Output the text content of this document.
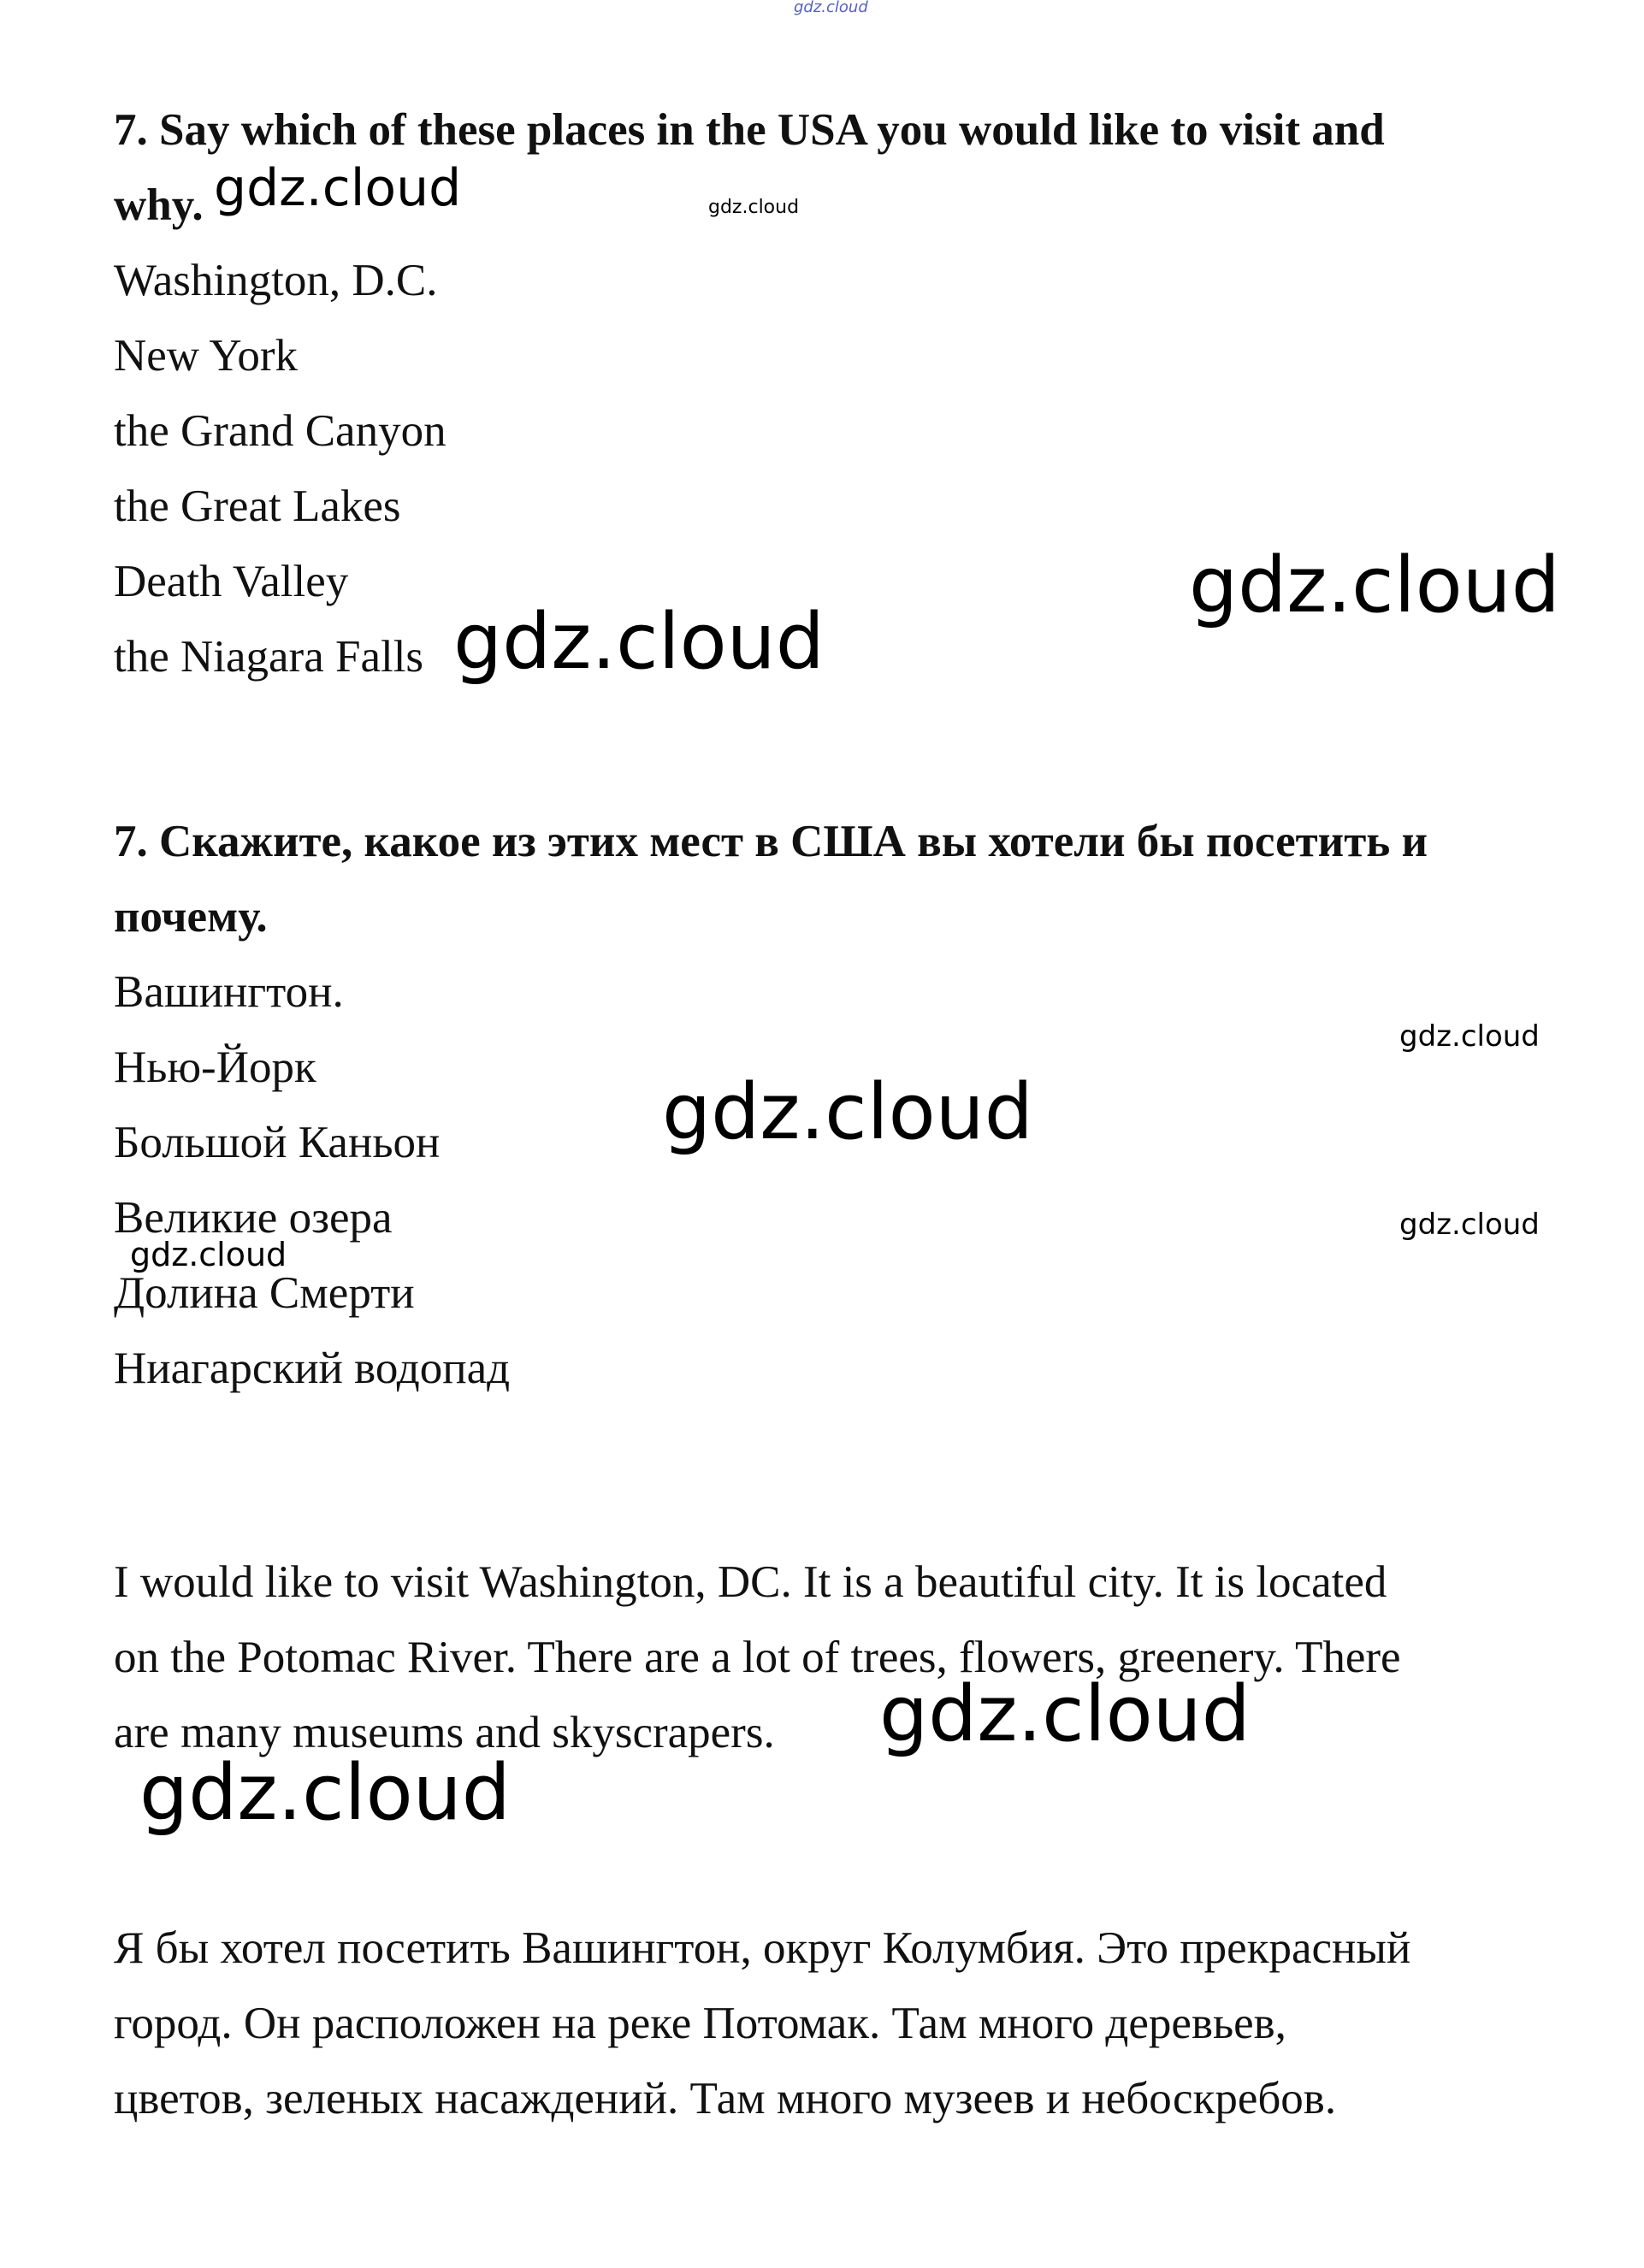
7. Say which of these places in the USA you would like to visit and
why.
Washington, D.C.
New York
the Grand Canyon
the Great Lakes
Death Valley
the Niagara Falls
7. Скажите, какое из этих мест в США вы хотели бы посетить и
почему.
Вашингтон.
Нью-Йорк
Большой Каньон
Великие озера
Долина Смерти
Ниагарский водопад
I would like to visit Washington, DC. It is a beautiful city. It is located
on the Potomac River. There are a lot of trees, flowers, greenery. There
are many museums and skyscrapers.
Я бы хотел посетить Вашингтон, округ Колумбия. Это прекрасный
город. Он расположен на реке Потомак. Там много деревьев,
цветов, зеленых насаждений. Там много музеев и небоскребов.
gdz.cloud
gdz.cloud	gdz.cloud
gdz.cloud
gdz.cloud
gdz.cloud
gdz.cloud
gdz.cloud
gdz.cloud
gdz.cloud
gdz.cloud
